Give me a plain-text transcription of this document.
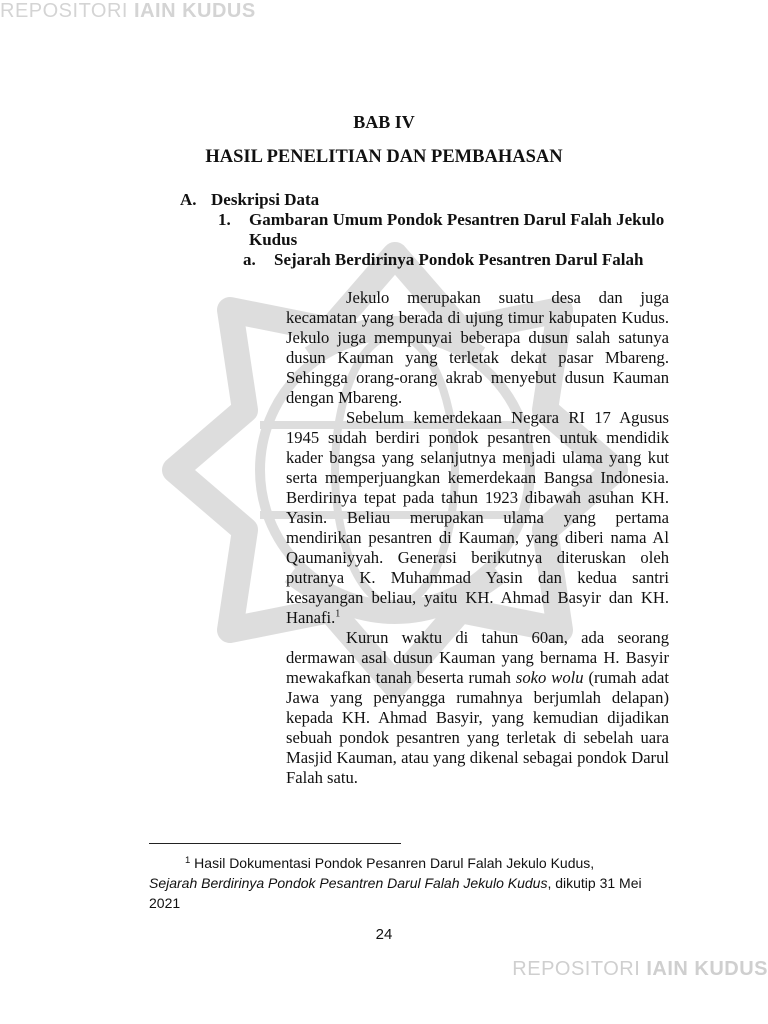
REPOSITORI IAIN KUDUS
BAB IV
HASIL PENELITIAN DAN PEMBAHASAN
A. Deskripsi Data
1.	Gambaran Umum Pondok Pesantren Darul Falah Jekulo Kudus
a.	Sejarah Berdirinya Pondok Pesantren Darul Falah

Jekulo merupakan suatu desa dan juga kecamatan yang berada di ujung timur kabupaten Kudus. Jekulo juga mempunyai beberapa dusun salah satunya dusun Kauman yang terletak dekat pasar Mbareng. Sehingga orang-orang akrab menyebut dusun Kauman dengan Mbareng.

Sebelum kemerdekaan Negara RI 17 Agusus 1945 sudah berdiri pondok pesantren untuk mendidik kader bangsa yang selanjutnya menjadi ulama yang kut serta memperjuangkan kemerdekaan Bangsa Indonesia. Berdirinya tepat pada tahun 1923 dibawah asuhan KH. Yasin. Beliau merupakan ulama yang pertama mendirikan pesantren di Kauman, yang diberi nama Al Qaumaniyyah. Generasi berikutnya diteruskan oleh putranya K. Muhammad Yasin dan kedua santri kesayangan beliau, yaitu KH. Ahmad Basyir dan KH. Hanafi.$^1$

Kurun waktu di tahun 60an, ada seorang dermawan asal dusun Kauman yang bernama H. Basyir mewakafkan tanah beserta rumah soko wolu (rumah adat Jawa yang penyangga rumahnya berjumlah delapan) kepada KH. Ahmad Basyir, yang kemudian dijadikan sebuah pondok pesantren yang terletak di sebelah uara Masjid Kauman, atau yang dikenal sebagai pondok Darul Falah satu.

$^1$ Hasil Dokumentasi Pondok Pesanren Darul Falah Jekulo Kudus,
Sejarah Berdirinya Pondok Pesantren Darul Falah Jekulo Kudus, dikutip 31 Mei 2021
24
REPOSITORI IAIN KUDUS
